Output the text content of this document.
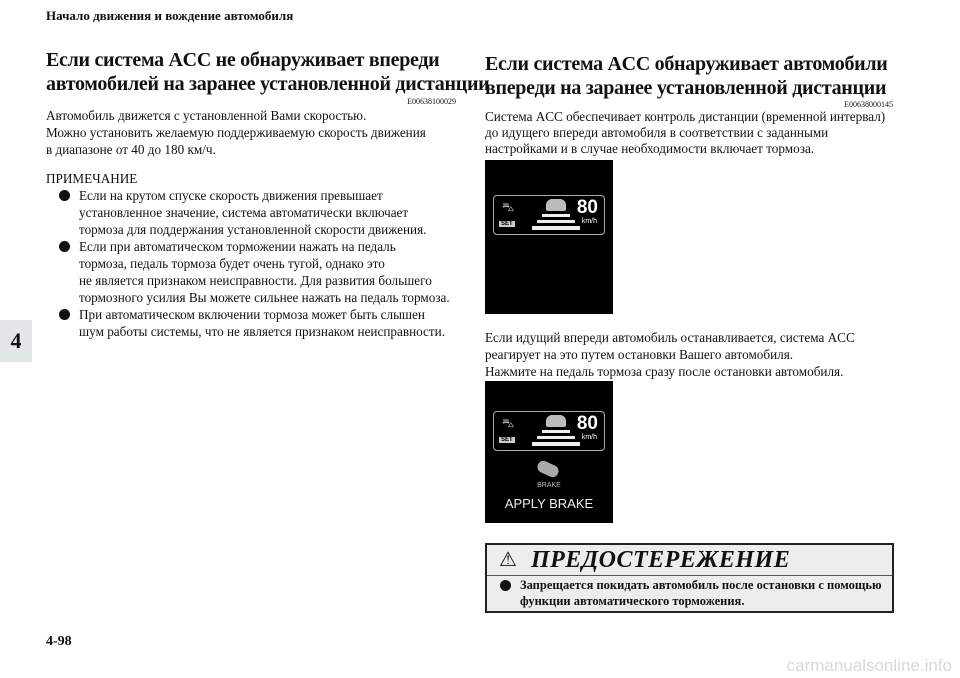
Начало движения и вождение автомобиля
4
4-98
Если система ACC не обнаруживает впереди
автомобилей на заранее установленной дистанции
E00638100029
Автомобиль движется с установленной Вами скоростью.
Можно установить желаемую поддерживаемую скорость движения
в диапазоне от 40 до 180 км/ч.
ПРИМЕЧАНИЕ
Если на крутом спуске скорость движения превышает
установленное значение, система автоматически включает
тормоза для поддержания установленной скорости движения.
Если при автоматическом торможении нажать на педаль
тормоза, педаль тормоза будет очень тугой, однако это
не является признаком неисправности. Для развития большего
тормозного усилия Вы можете сильнее нажать на педаль тормоза.
При автоматическом включении тормоза может быть слышен
шум работы системы, что не является признаком неисправности.
Если система ACC обнаруживает автомобили
впереди на заранее установленной дистанции
E00638000145
Система ACC обеспечивает контроль дистанции (временной интервал)
до идущего впереди автомобиля в соответствии с заданными
настройками и в случае необходимости включает тормоза.
⛍
SET
80
km/h
Если идущий впереди автомобиль останавливается, система ACC
реагирует на это путем остановки Вашего автомобиля.
Нажмите на педаль тормоза сразу после остановки автомобиля.
⛍
SET
80
km/h
BRAKE
APPLY BRAKE
⚠ ПРЕДОСТЕРЕЖЕНИЕ
Запрещается покидать автомобиль после остановки с помощью
функции автоматического торможения.
carmanualsonline.info
